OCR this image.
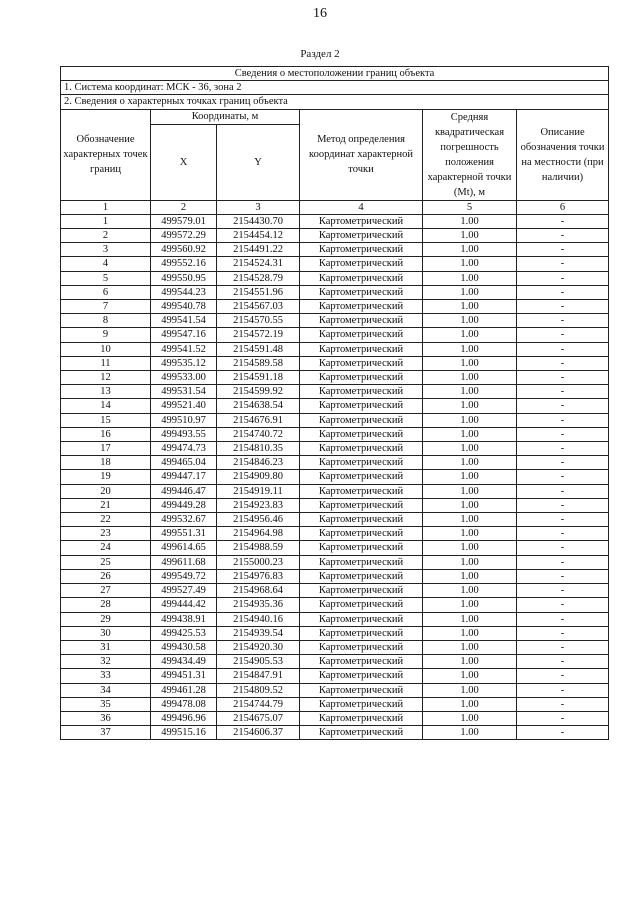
16
Раздел 2
Сведения о местоположении границ объекта					
1. Система координат: МСК - 36, зона 2					
2. Сведения о характерных точках границ объекта					
Обозначение характерных точек границ	Координаты, м		Метод определения координат характерной точки	Средняя квадратическая погрешность положения характерной точки (Mt), м	Описание обозначения точки на местности (при наличии)
	X	Y			
1	2	3	4	5	6
1	499579.01	2154430.70	Картометрический	1.00	-
2	499572.29	2154454.12	Картометрический	1.00	-
3	499560.92	2154491.22	Картометрический	1.00	-
4	499552.16	2154524.31	Картометрический	1.00	-
5	499550.95	2154528.79	Картометрический	1.00	-
6	499544.23	2154551.96	Картометрический	1.00	-
7	499540.78	2154567.03	Картометрический	1.00	-
8	499541.54	2154570.55	Картометрический	1.00	-
9	499547.16	2154572.19	Картометрический	1.00	-
10	499541.52	2154591.48	Картометрический	1.00	-
11	499535.12	2154589.58	Картометрический	1.00	-
12	499533.00	2154591.18	Картометрический	1.00	-
13	499531.54	2154599.92	Картометрический	1.00	-
14	499521.40	2154638.54	Картометрический	1.00	-
15	499510.97	2154676.91	Картометрический	1.00	-
16	499493.55	2154740.72	Картометрический	1.00	-
17	499474.73	2154810.35	Картометрический	1.00	-
18	499465.04	2154846.23	Картометрический	1.00	-
19	499447.17	2154909.80	Картометрический	1.00	-
20	499446.47	2154919.11	Картометрический	1.00	-
21	499449.28	2154923.83	Картометрический	1.00	-
22	499532.67	2154956.46	Картометрический	1.00	-
23	499551.31	2154964.98	Картометрический	1.00	-
24	499614.65	2154988.59	Картометрический	1.00	-
25	499611.68	2155000.23	Картометрический	1.00	-
26	499549.72	2154976.83	Картометрический	1.00	-
27	499527.49	2154968.64	Картометрический	1.00	-
28	499444.42	2154935.36	Картометрический	1.00	-
29	499438.91	2154940.16	Картометрический	1.00	-
30	499425.53	2154939.54	Картометрический	1.00	-
31	499430.58	2154920.30	Картометрический	1.00	-
32	499434.49	2154905.53	Картометрический	1.00	-
33	499451.31	2154847.91	Картометрический	1.00	-
34	499461.28	2154809.52	Картометрический	1.00	-
35	499478.08	2154744.79	Картометрический	1.00	-
36	499496.96	2154675.07	Картометрический	1.00	-
37	499515.16	2154606.37	Картометрический	1.00	-
